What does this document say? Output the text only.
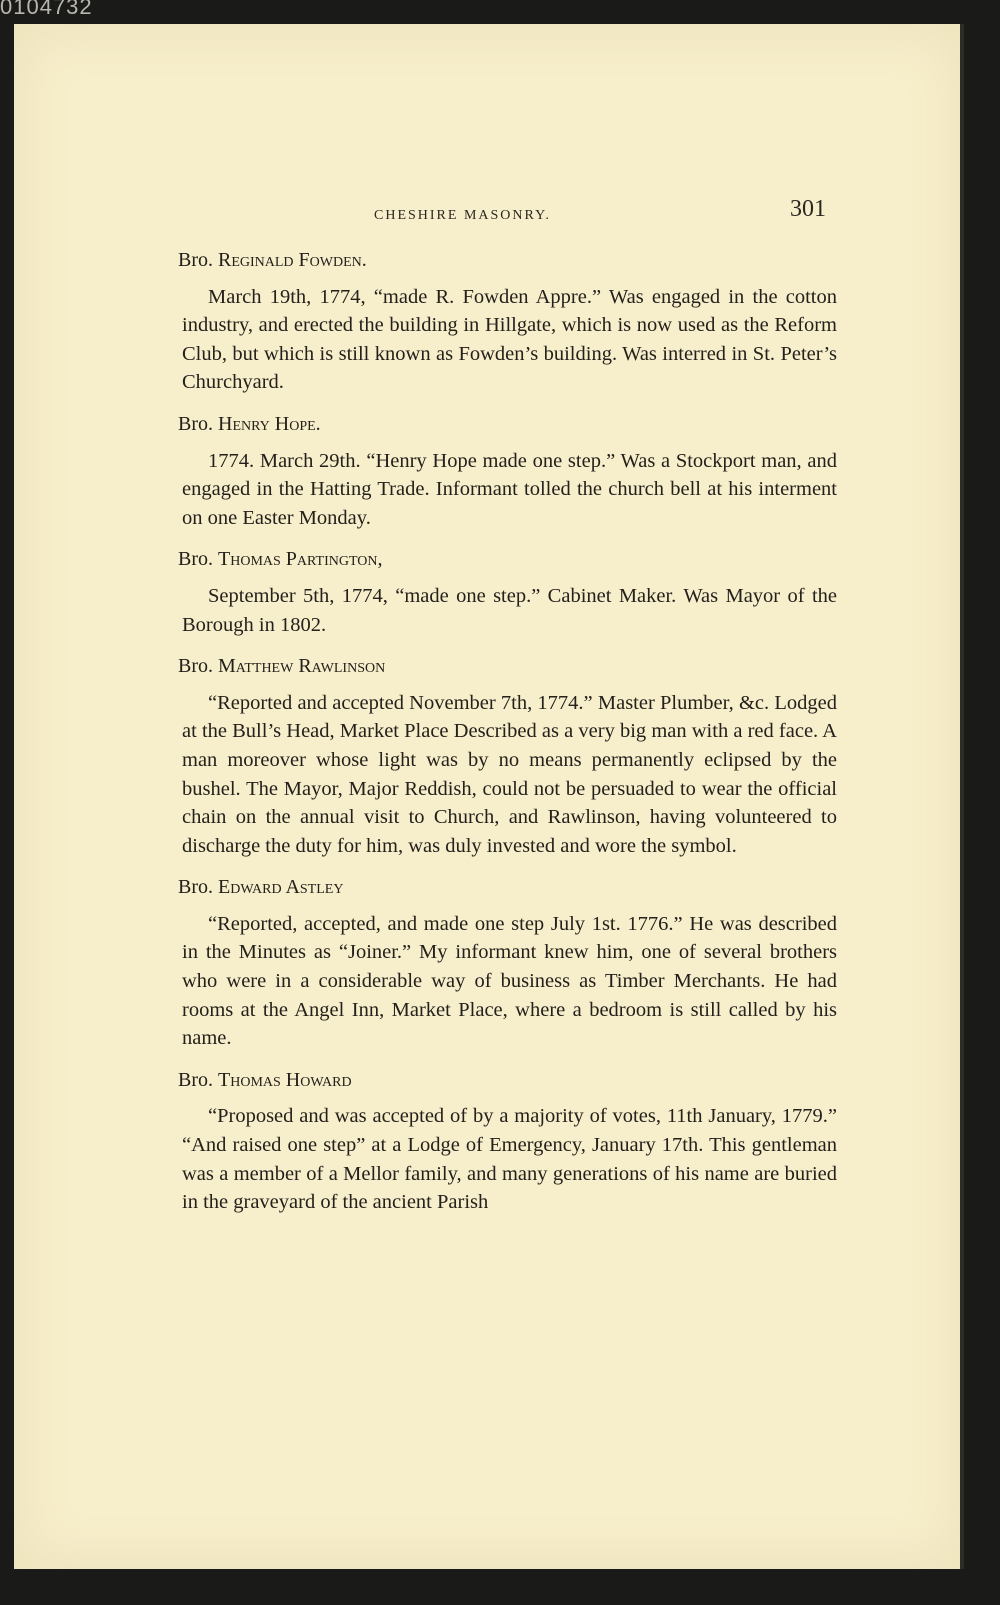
0104732
CHESHIRE MASONRY.	301

Bro. Reginald Fowden.

March 19th, 1774, “made R. Fowden Appre.” Was engaged in the cotton industry, and erected the building in Hillgate, which is now used as the Reform Club, but which is still known as Fowden’s building. Was interred in St. Peter’s Churchyard.

Bro. Henry Hope.

1774. March 29th. “Henry Hope made one step.” Was a Stockport man, and engaged in the Hatting Trade. Informant tolled the church bell at his interment on one Easter Monday.

Bro. Thomas Partington,

September 5th, 1774, “made one step.” Cabinet Maker. Was Mayor of the Borough in 1802.

Bro. Matthew Rawlinson

“Reported and accepted November 7th, 1774.” Master Plumber, &c. Lodged at the Bull’s Head, Market Place Described as a very big man with a red face. A man moreover whose light was by no means permanently eclipsed by the bushel. The Mayor, Major Reddish, could not be persuaded to wear the official chain on the annual visit to Church, and Rawlinson, having volunteered to discharge the duty for him, was duly invested and wore the symbol.

Bro. Edward Astley

“Reported, accepted, and made one step July 1st. 1776.” He was described in the Minutes as “Joiner.” My informant knew him, one of several brothers who were in a considerable way of business as Timber Merchants. He had rooms at the Angel Inn, Market Place, where a bedroom is still called by his name.

Bro. Thomas Howard

“Proposed and was accepted of by a majority of votes, 11th January, 1779.” “And raised one step” at a Lodge of Emergency, January 17th. This gentleman was a member of a Mellor family, and many generations of his name are buried in the graveyard of the ancient Parish
